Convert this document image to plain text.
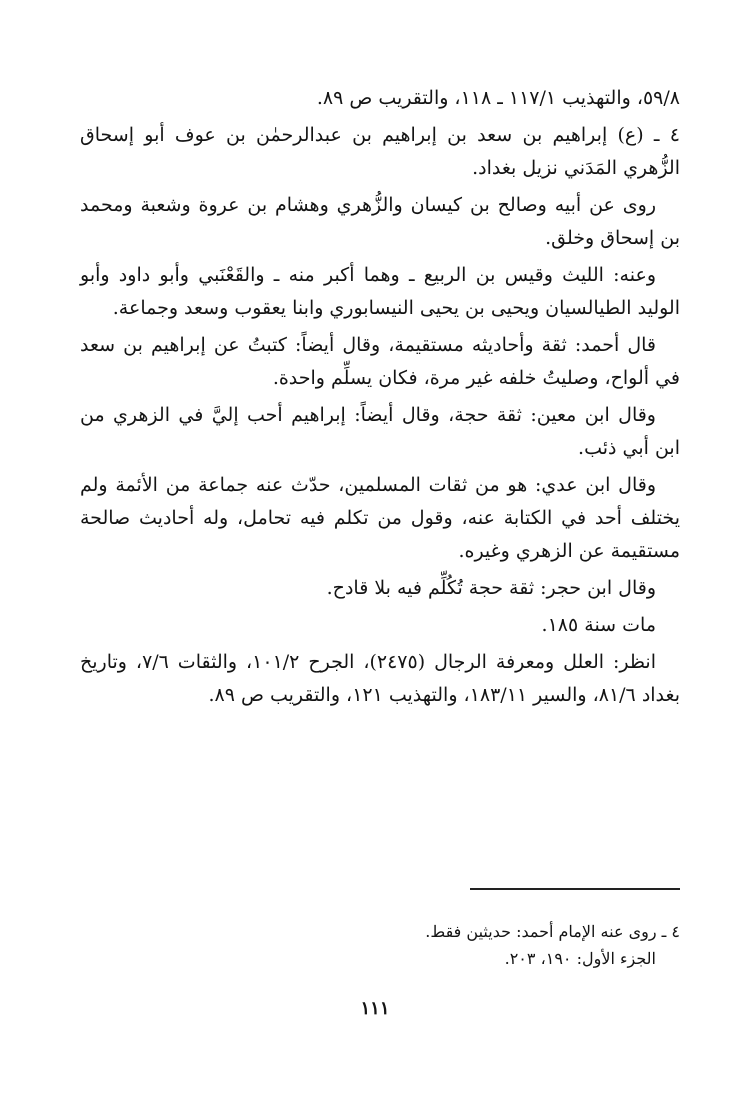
٥٩/٨، والتهذيب ١١٧/١ ـ ١١٨، والتقريب ص ٨٩.

٤ ـ (ع) إبراهيم بن سعد بن إبراهيم بن عبدالرحمٰن بن عوف أبو إسحاق الزُّهري المَدَني نزيل بغداد.

روى عن أبيه وصالح بن كيسان والزُّهري وهشام بن عروة وشعبة ومحمد بن إسحاق وخلق.

وعنه: الليث وقيس بن الربيع ـ وهما أكبر منه ـ والقَعْنَبي وأبو داود وأبو الوليد الطيالسيان ويحيى بن يحيى النيسابوري وابنا يعقوب وسعد وجماعة.

قال أحمد: ثقة وأحاديثه مستقيمة، وقال أيضاً: كتبتُ عن إبراهيم بن سعد في ألواح، وصليتُ خلفه غير مرة، فكان يسلِّم واحدة.

وقال ابن معين: ثقة حجة، وقال أيضاً: إبراهيم أحب إليَّ في الزهري من ابن أبي ذئب.

وقال ابن عدي: هو من ثقات المسلمين، حدّث عنه جماعة من الأئمة ولم يختلف أحد في الكتابة عنه، وقول من تكلم فيه تحامل، وله أحاديث صالحة مستقيمة عن الزهري وغيره.

وقال ابن حجر: ثقة حجة تُكُلِّم فيه بلا قادح.

مات سنة ١٨٥.

انظر: العلل ومعرفة الرجال (٢٤٧٥)، الجرح ١٠١/٢، والثقات ٧/٦، وتاريخ بغداد ٨١/٦، والسير ١٨٣/١١، والتهذيب ١٢١، والتقريب ص ٨٩.

٤ ـ روى عنه الإمام أحمد: حديثين فقط.

الجزء الأول: ١٩٠، ٢٠٣.

١١١
